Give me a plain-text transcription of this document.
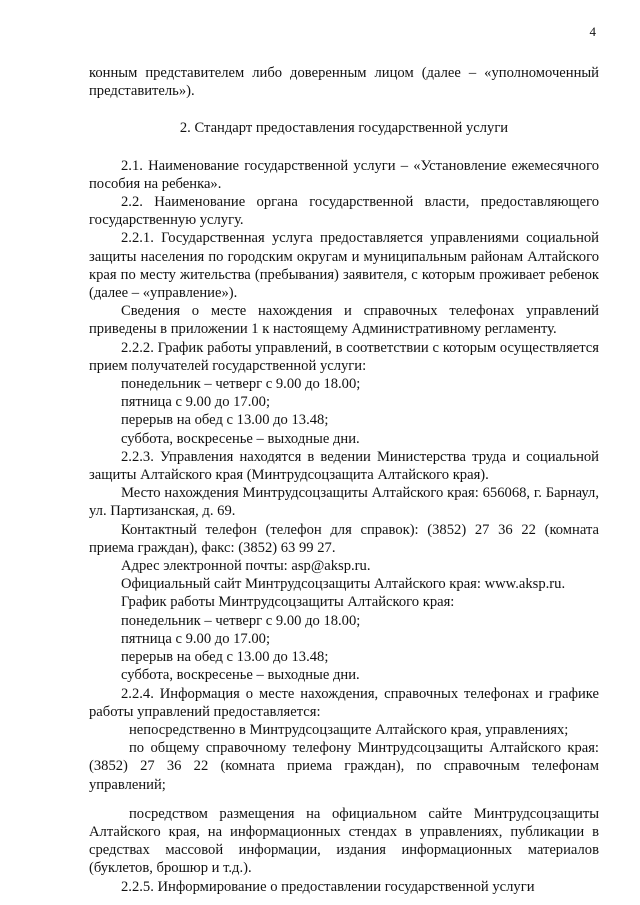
4

конным представителем либо доверенным лицом (далее – «уполномоченный представитель»).

2. Стандарт предоставления государственной услуги

2.1. Наименование государственной услуги – «Установление ежемесячного пособия на ребенка».

2.2. Наименование органа государственной власти, предоставляющего государственную услугу.

2.2.1. Государственная услуга предоставляется управлениями социальной защиты населения по городским округам и муниципальным районам Алтайского края по месту жительства (пребывания) заявителя, с которым проживает ребенок (далее – «управление»).

Сведения о месте нахождения и справочных телефонах управлений приведены в приложении 1 к настоящему Административному регламенту.

2.2.2. График работы управлений, в соответствии с которым осуществляется прием получателей государственной услуги:

понедельник – четверг с 9.00 до 18.00;

пятница с 9.00 до 17.00;

перерыв на обед с 13.00 до 13.48;

суббота, воскресенье – выходные дни.

2.2.3. Управления находятся в ведении Министерства труда и социальной защиты Алтайского края (Минтрудсоцзащита Алтайского края).

Место нахождения Минтрудсоцзащиты Алтайского края: 656068, г. Барнаул, ул. Партизанская, д. 69.

Контактный телефон (телефон для справок): (3852) 27 36 22 (комната приема граждан), факс: (3852) 63 99 27.

Адрес электронной почты: asp@aksp.ru.

Официальный сайт Минтрудсоцзащиты Алтайского края: www.aksp.ru.

График работы Минтрудсоцзащиты Алтайского края:

понедельник – четверг с 9.00 до 18.00;

пятница с 9.00 до 17.00;

перерыв на обед с 13.00 до 13.48;

суббота, воскресенье – выходные дни.

2.2.4. Информация о месте нахождения, справочных телефонах и графике работы управлений предоставляется:

непосредственно в Минтрудсоцзащите Алтайского края, управлениях;

по общему справочному телефону Минтрудсоцзащиты Алтайского края: (3852) 27 36 22 (комната приема граждан), по справочным телефонам управлений;

посредством размещения на официальном сайте Минтрудсоцзащиты Алтайского края, на информационных стендах в управлениях, публикации в средствах массовой информации, издания информационных материалов (буклетов, брошюр и т.д.).

2.2.5. Информирование о предоставлении государственной услуги
